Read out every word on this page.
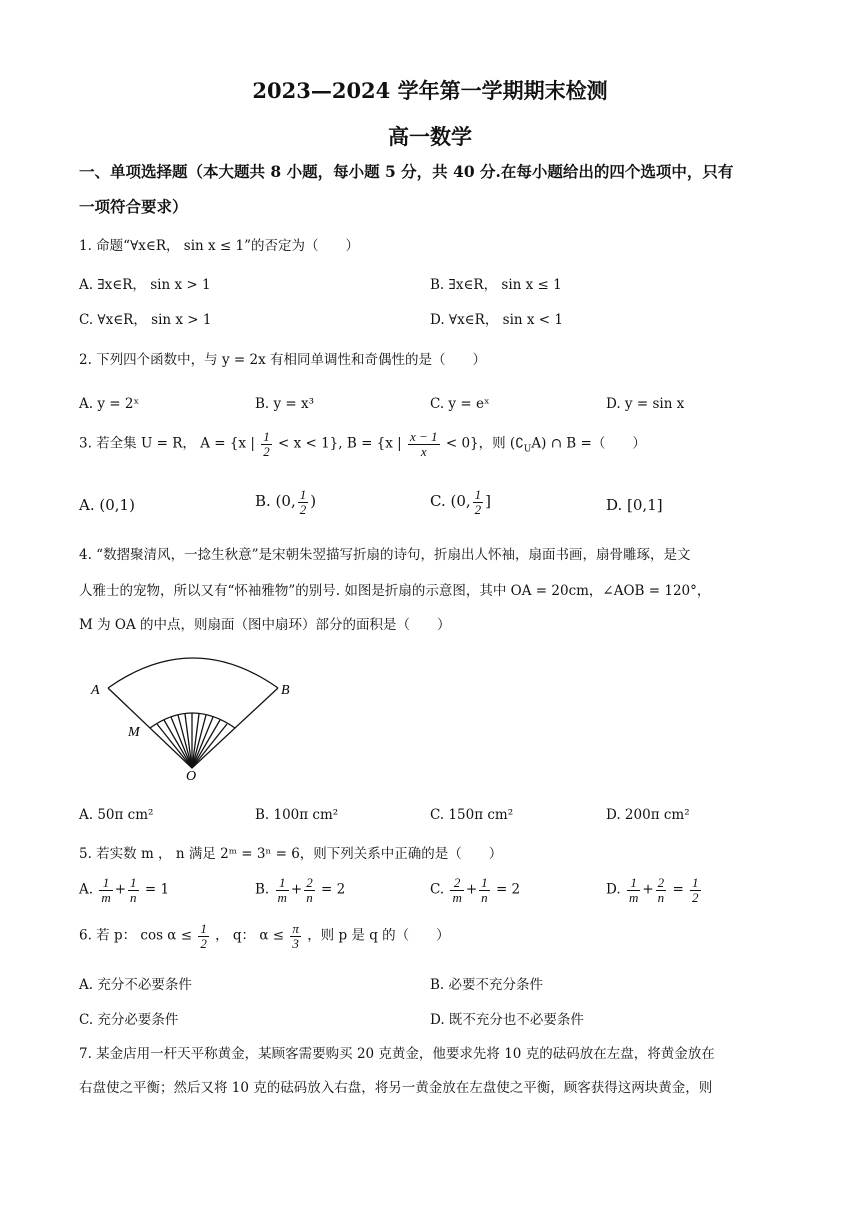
2023—2024 学年第一学期期末检测
高一数学
一、单项选择题（本大题共 8 小题，每小题 5 分，共 40 分.在每小题给出的四个选项中，只有
一项符合要求）
1. 命题“∀x∈R， sin x ≤ 1”的否定为（　　）
A. ∃x∈R， sin x > 1	B. ∃x∈R， sin x ≤ 1
C. ∀x∈R， sin x > 1	D. ∀x∈R， sin x < 1
2. 下列四个函数中，与 y = 2x 有相同单调性和奇偶性的是（　　）
A. y = 2ˣ	B. y = x³	C. y = eˣ	D. y = sin x
3. 若全集 U = R， A = {x | $\frac{1}{2} < x < 1$}, B = {x | $\frac{x - 1}{x} < 0$}，则 $(∁_UA)$ ∩ B =（　　）
A. (0,1)	B. (0, $\frac{1}{2}$ )	C. (0, $\frac{1}{2}$ ]	D. [0,1]
4. “数摺聚清风，一捻生秋意”是宋朝朱翌描写折扇的诗句，折扇出人怀袖，扇面书画，扇骨雕琢，是文
人雅士的宠物，所以又有“怀袖雅物”的别号. 如图是折扇的示意图，其中 OA = 20cm，∠AOB = 120°，
M 为 OA 的中点，则扇面（图中扇环）部分的面积是（　　）
A	B
M
O
A. 50π cm²	B. 100π cm²	C. 150π cm²	D. 200π cm²
5. 若实数 m ， n 满足 2ᵐ = 3ⁿ = 6，则下列关系中正确的是（　　）
A. $\frac{1}{m} + \frac{1}{n} = 1$	B. $\frac{1}{m} + \frac{2}{n} = 2$	C. $\frac{2}{m} + \frac{1}{n} = 2$	D. $\frac{1}{m} + \frac{2}{n} = \frac{1}{2}$
6. 若 p： $\cos \alpha \le \frac{1}{2}$ ， q： $\alpha \le \frac{\pi}{3}$ ，则 p 是 q 的（　　）
A. 充分不必要条件	B. 必要不充分条件
C. 充分必要条件	D. 既不充分也不必要条件
7. 某金店用一杆天平称黄金，某顾客需要购买 20 克黄金，他要求先将 10 克的砝码放在左盘，将黄金放在
右盘使之平衡；然后又将 10 克的砝码放入右盘，将另一黄金放在左盘使之平衡，顾客获得这两块黄金，则
